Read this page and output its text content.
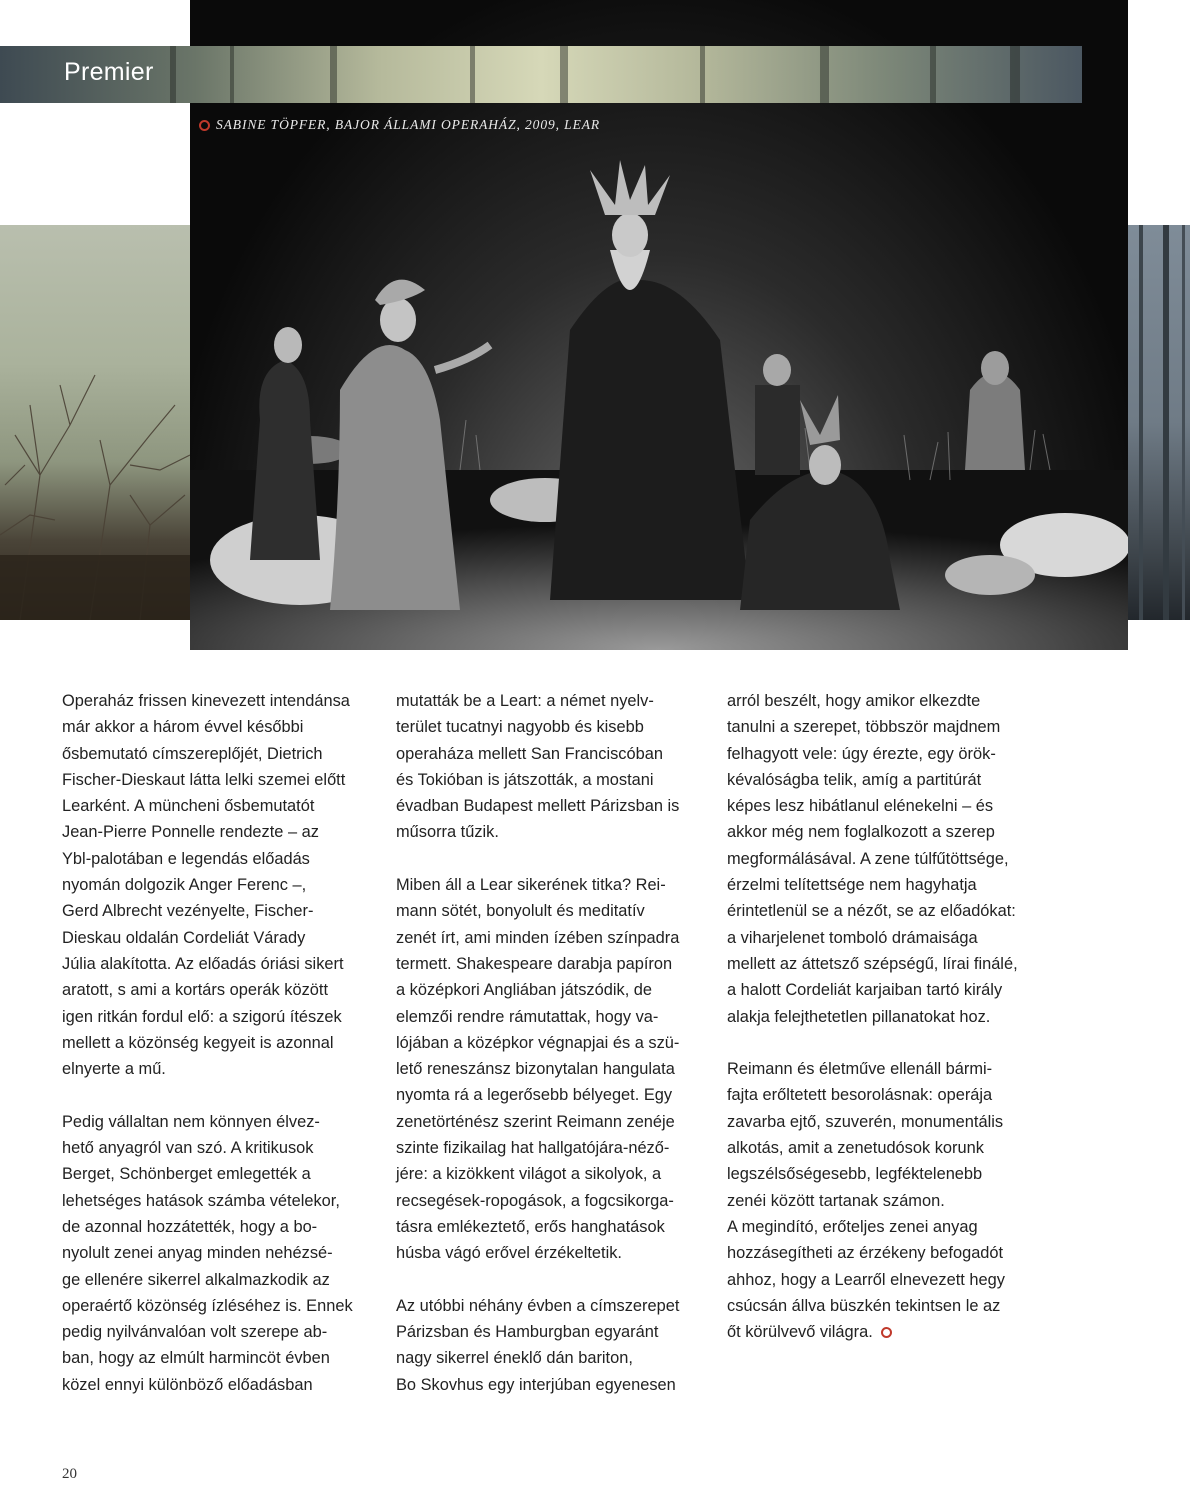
Premier
SABINE TÖPFER, BAJOR ÁLLAMI OPERAHÁZ, 2009, LEAR

Operaház frissen kinevezett intendánsa
már akkor a három évvel későbbi
ősbemutató címszereplőjét, Dietrich
Fischer-Dieskaut látta lelki szemei előtt
Learként. A müncheni ősbemutatót
Jean-Pierre Ponnelle rendezte – az
Ybl-palotában e legendás előadás
nyomán dolgozik Anger Ferenc –,
Gerd Albrecht vezényelte, Fischer-
Dieskau oldalán Cordeliát Várady
Júlia alakította. Az előadás óriási sikert
aratott, s ami a kortárs operák között
igen ritkán fordul elő: a szigorú ítészek
mellett a közönség kegyeit is azonnal
elnyerte a mű.

Pedig vállaltan nem könnyen élvez-
hető anyagról van szó. A kritikusok
Berget, Schönberget emlegették a
lehetséges hatások számba vételekor,
de azonnal hozzátették, hogy a bo-
nyolult zenei anyag minden nehézsé-
ge ellenére sikerrel alkalmazkodik az
operaértő közönség ízléséhez is. Ennek
pedig nyilvánvalóan volt szerepe ab-
ban, hogy az elmúlt harmincöt évben
közel ennyi különböző előadásban

mutatták be a Leart: a német nyelv-
terület tucatnyi nagyobb és kisebb
operaháza mellett San Franciscóban
és Tokióban is játszották, a mostani
évadban Budapest mellett Párizsban is
műsorra tűzik.

Miben áll a Lear sikerének titka? Rei-
mann sötét, bonyolult és meditatív
zenét írt, ami minden ízében színpadra
termett. Shakespeare darabja papíron
a középkori Angliában játszódik, de
elemzői rendre rámutattak, hogy va-
lójában a középkor végnapjai és a szü-
lető reneszánsz bizonytalan hangulata
nyomta rá a legerősebb bélyeget. Egy
zenetörténész szerint Reimann zenéje
szinte fizikailag hat hallgatójára-néző-
jére: a kizökkent világot a sikolyok, a
recsegések-ropogások, a fogcsikorga-
tásra emlékeztető, erős hanghatások
húsba vágó erővel érzékeltetik.

Az utóbbi néhány évben a címszerepet
Párizsban és Hamburgban egyaránt
nagy sikerrel éneklő dán bariton,
Bo Skovhus egy interjúban egyenesen

arról beszélt, hogy amikor elkezdte
tanulni a szerepet, többször majdnem
felhagyott vele: úgy érezte, egy örök-
kévalóságba telik, amíg a partitúrát
képes lesz hibátlanul elénekelni – és
akkor még nem foglalkozott a szerep
megformálásával. A zene túlfűtöttsége,
érzelmi telítettsége nem hagyhatja
érintetlenül se a nézőt, se az előadókat:
a viharjelenet tomboló drámaisága
mellett az áttetsző szépségű, lírai finálé,
a halott Cordeliát karjaiban tartó király
alakja felejthetetlen pillanatokat hoz.

Reimann és életműve ellenáll bármi-
fajta erőltetett besorolásnak: operája
zavarba ejtő, szuverén, monumentális
alkotás, amit a zenetudósok korunk
legszélsőségesebb, legféktelenebb
zenéi között tartanak számon.
A megindító, erőteljes zenei anyag
hozzásegítheti az érzékeny befogadót
ahhoz, hogy a Learről elnevezett hegy
csúcsán állva büszkén tekintsen le az
őt körülvevő világra.

20
